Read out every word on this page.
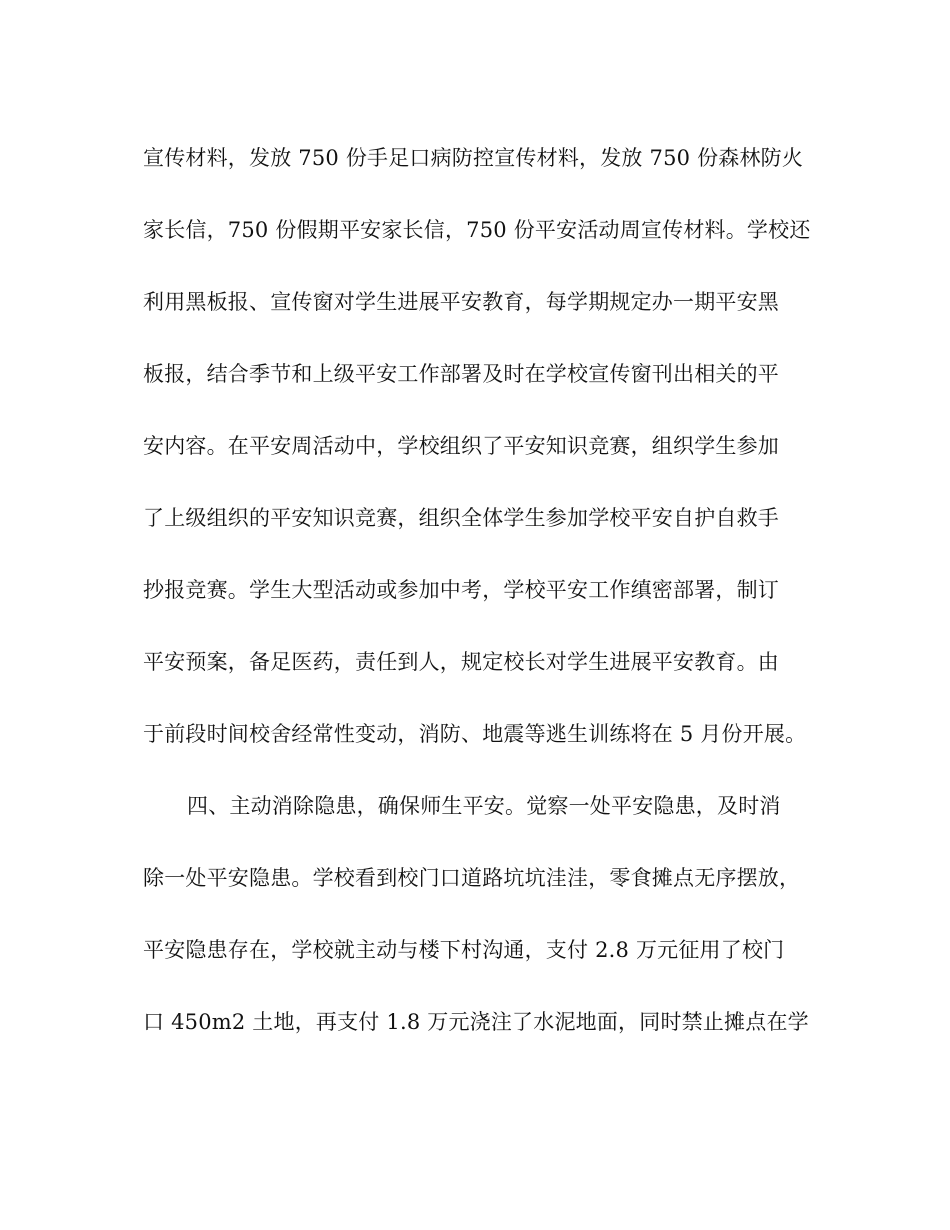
宣传材料，发放 750 份手足口病防控宣传材料，发放 750 份森林防火
家长信，750 份假期平安家长信，750 份平安活动周宣传材料。学校还
利用黑板报、宣传窗对学生进展平安教育，每学期规定办一期平安黑
板报，结合季节和上级平安工作部署及时在学校宣传窗刊出相关的平
安内容。在平安周活动中，学校组织了平安知识竞赛，组织学生参加
了上级组织的平安知识竞赛，组织全体学生参加学校平安自护自救手
抄报竞赛。学生大型活动或参加中考，学校平安工作缜密部署，制订
平安预案，备足医药，责任到人，规定校长对学生进展平安教育。由
于前段时间校舍经常性变动，消防、地震等逃生训练将在 5 月份开展。
四、主动消除隐患，确保师生平安。觉察一处平安隐患，及时消
除一处平安隐患。学校看到校门口道路坑坑洼洼，零食摊点无序摆放，
平安隐患存在，学校就主动与楼下村沟通，支付 2.8 万元征用了校门
口 450m2 土地，再支付 1.8 万元浇注了水泥地面，同时禁止摊点在学
